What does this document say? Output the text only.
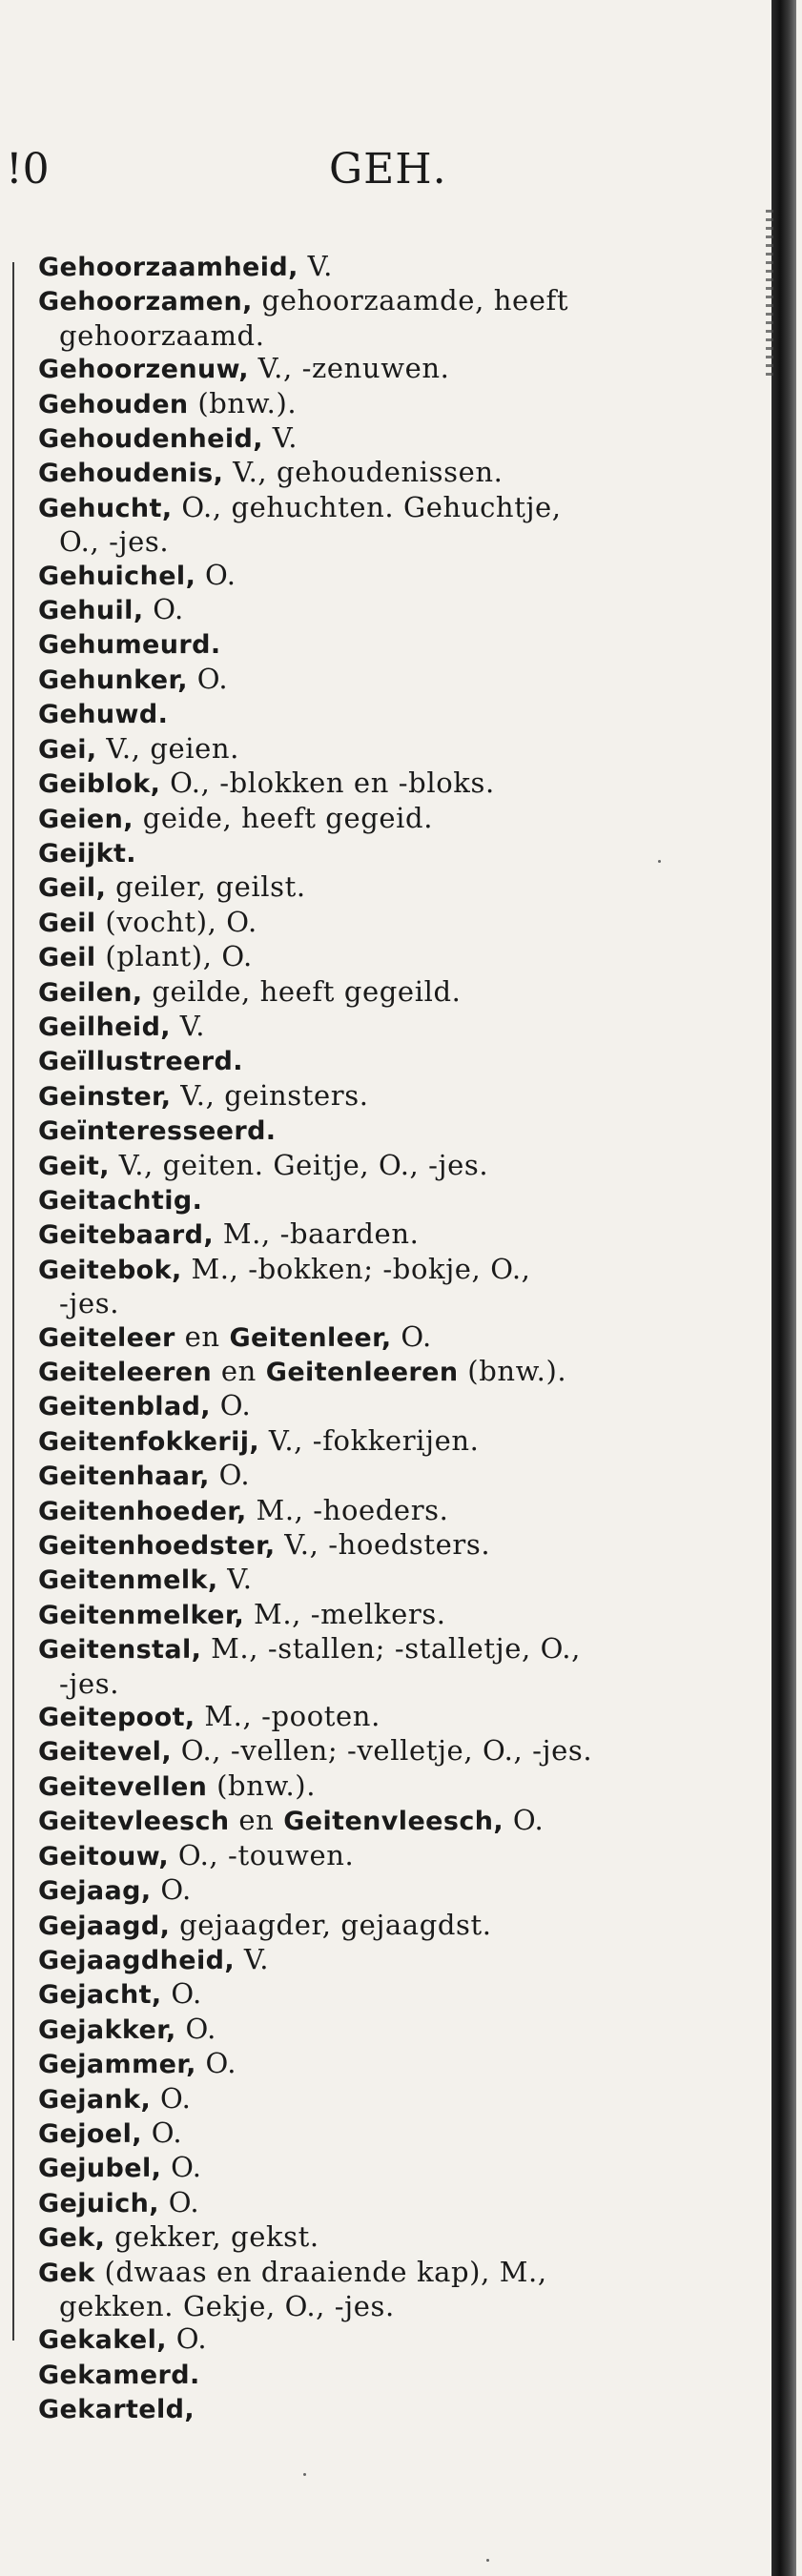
!0	GEH.
Gehoorzaamheid, V.
Gehoorzamen, gehoorzaamde, heeft
gehoorzaamd.
Gehoorzenuw, V., -zenuwen.
Gehouden (bnw.).
Gehoudenheid, V.
Gehoudenis, V., gehoudenissen.
Gehucht, O., gehuchten. Gehuchtje,
O., -jes.
Gehuichel, O.
Gehuil, O.
Gehumeurd.
Gehunker, O.
Gehuwd.
Gei, V., geien.
Geiblok, O., -blokken en -bloks.
Geien, geide, heeft gegeid.
Geijkt.
Geil, geiler, geilst.
Geil (vocht), O.
Geil (plant), O.
Geilen, geilde, heeft gegeild.
Geilheid, V.
Geïllustreerd.
Geinster, V., geinsters.
Geïnteresseerd.
Geit, V., geiten. Geitje, O., -jes.
Geitachtig.
Geitebaard, M., -baarden.
Geitebok, M., -bokken; -bokje, O.,
-jes.
Geiteleer en Geitenleer, O.
Geiteleeren en Geitenleeren (bnw.).
Geitenblad, O.
Geitenfokkerij, V., -fokkerijen.
Geitenhaar, O.
Geitenhoeder, M., -hoeders.
Geitenhoedster, V., -hoedsters.
Geitenmelk, V.
Geitenmelker, M., -melkers.
Geitenstal, M., -stallen; -stalletje, O.,
-jes.
Geitepoot, M., -pooten.
Geitevel, O., -vellen; -velletje, O., -jes.
Geitevellen (bnw.).
Geitevleesch en Geitenvleesch, O.
Geitouw, O., -touwen.
Gejaag, O.
Gejaagd, gejaagder, gejaagdst.
Gejaagdheid, V.
Gejacht, O.
Gejakker, O.
Gejammer, O.
Gejank, O.
Gejoel, O.
Gejubel, O.
Gejuich, O.
Gek, gekker, gekst.
Gek (dwaas en draaiende kap), M.,
gekken. Gekje, O., -jes.
Gekakel, O.
Gekamerd.
Gekarteld,
